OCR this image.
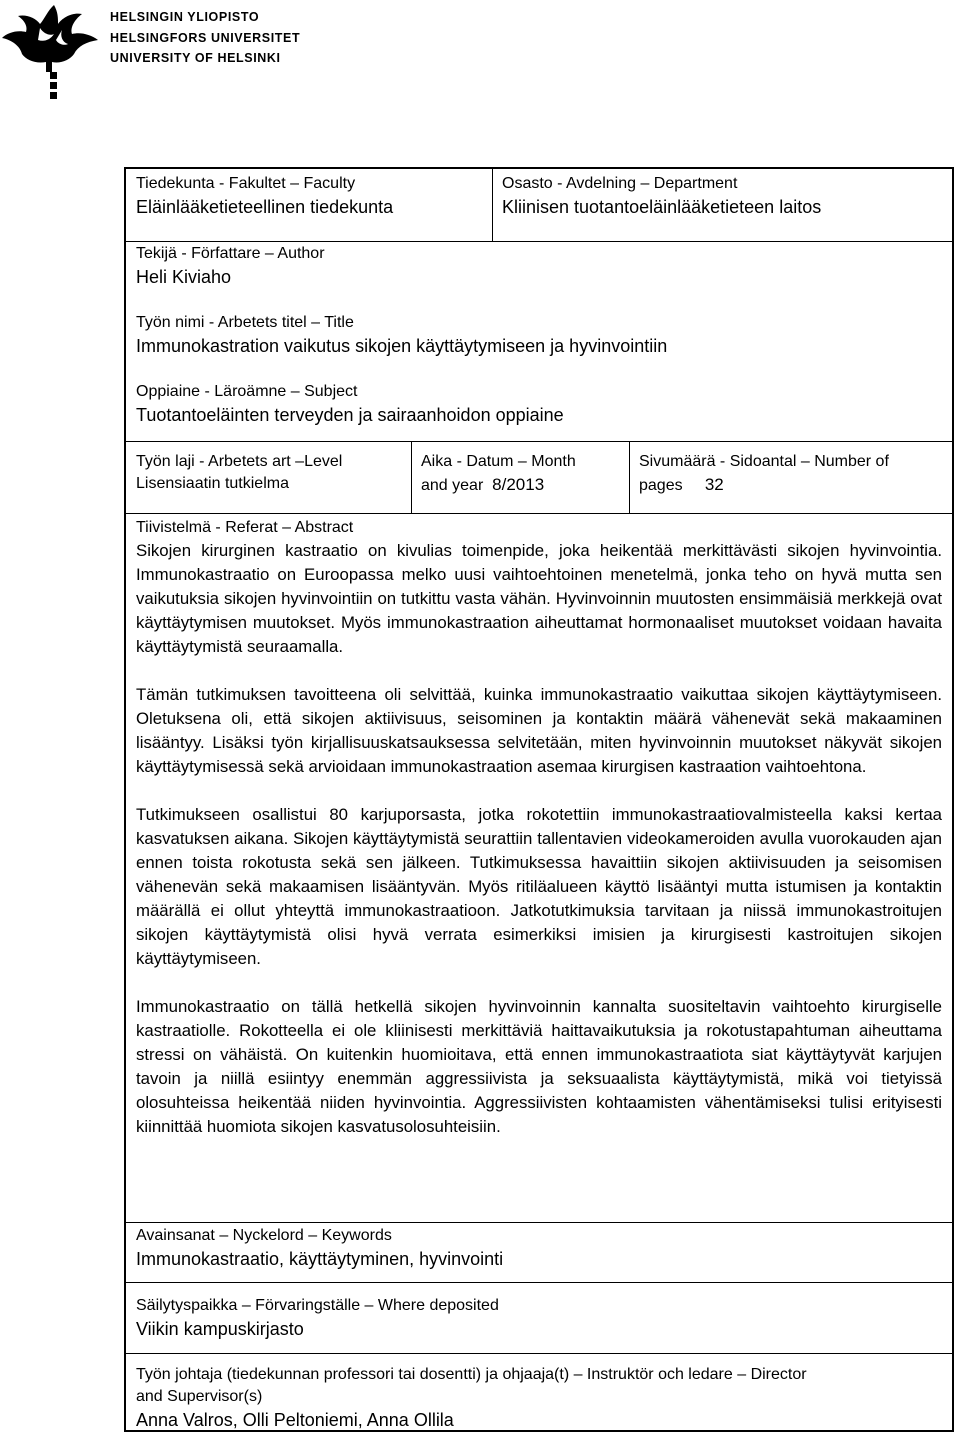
HELSINGIN YLIOPISTO
HELSINGFORS UNIVERSITET
UNIVERSITY OF HELSINKI
Tiedekunta - Fakultet – Faculty
Eläinlääketieteellinen tiedekunta
Osasto - Avdelning – Department
Kliinisen tuotantoeläinlääketieteen laitos
Tekijä - Författare – Author
Heli Kiviaho
Työn nimi - Arbetets titel – Title
Immunokastration vaikutus sikojen käyttäytymiseen ja hyvinvointiin
Oppiaine - Läroämne – Subject
Tuotantoeläinten terveyden ja sairaanhoidon oppiaine
Työn laji - Arbetets art –Level
Lisensiaatin tutkielma
Aika - Datum – Month
and year 8/2013
Sivumäärä - Sidoantal – Number of
pages 32
Tiivistelmä - Referat – Abstract

Sikojen kirurginen kastraatio on kivulias toimenpide, joka heikentää merkittävästi sikojen hyvinvointia. Immunokastraatio on Euroopassa melko uusi vaihtoehtoinen menetelmä, jonka teho on hyvä mutta sen vaikutuksia sikojen hyvinvointiin on tutkittu vasta vähän. Hyvinvoinnin muutosten ensimmäisiä merkkejä ovat käyttäytymisen muutokset. Myös immunokastraation aiheuttamat hormonaaliset muutokset voidaan havaita käyttäytymistä seuraamalla.

Tämän tutkimuksen tavoitteena oli selvittää, kuinka immunokastraatio vaikuttaa sikojen käyttäytymiseen. Oletuksena oli, että sikojen aktiivisuus, seisominen ja kontaktin määrä vähenevät sekä makaaminen lisääntyy. Lisäksi työn kirjallisuuskatsauksessa selvitetään, miten hyvinvoinnin muutokset näkyvät sikojen käyttäytymisessä sekä arvioidaan immunokastraation asemaa kirurgisen kastraation vaihtoehtona.

Tutkimukseen osallistui 80 karjuporsasta, jotka rokotettiin immunokastraatiovalmisteella kaksi kertaa kasvatuksen aikana. Sikojen käyttäytymistä seurattiin tallentavien videokameroiden avulla vuorokauden ajan ennen toista rokotusta sekä sen jälkeen. Tutkimuksessa havaittiin sikojen aktiivisuuden ja seisomisen vähenevän sekä makaamisen lisääntyvän. Myös ritiläalueen käyttö lisääntyi mutta istumisen ja kontaktin määrällä ei ollut yhteyttä immunokastraatioon. Jatkotutkimuksia tarvitaan ja niissä immunokastroitujen sikojen käyttäytymistä olisi hyvä verrata esimerkiksi imisien ja kirurgisesti kastroitujen sikojen käyttäytymiseen.

Immunokastraatio on tällä hetkellä sikojen hyvinvoinnin kannalta suositeltavin vaihtoehto kirurgiselle kastraatiolle. Rokotteella ei ole kliinisesti merkittäviä haittavaikutuksia ja rokotustapahtuman aiheuttama stressi on vähäistä. On kuitenkin huomioitava, että ennen immunokastraatiota siat käyttäytyvät karjujen tavoin ja niillä esiintyy enemmän aggressiivista ja seksuaalista käyttäytymistä, mikä voi tietyissä olosuhteissa heikentää niiden hyvinvointia. Aggressiivisten kohtaamisten vähentämiseksi tulisi erityisesti kiinnittää huomiota sikojen kasvatusolosuhteisiin.

Avainsanat – Nyckelord – Keywords
Immunokastraatio, käyttäytyminen, hyvinvointi
Säilytyspaikka – Förvaringställe – Where deposited
Viikin kampuskirjasto
Työn johtaja (tiedekunnan professori tai dosentti) ja ohjaaja(t) – Instruktör och ledare – Director
and Supervisor(s)
Anna Valros, Olli Peltoniemi, Anna Ollila
